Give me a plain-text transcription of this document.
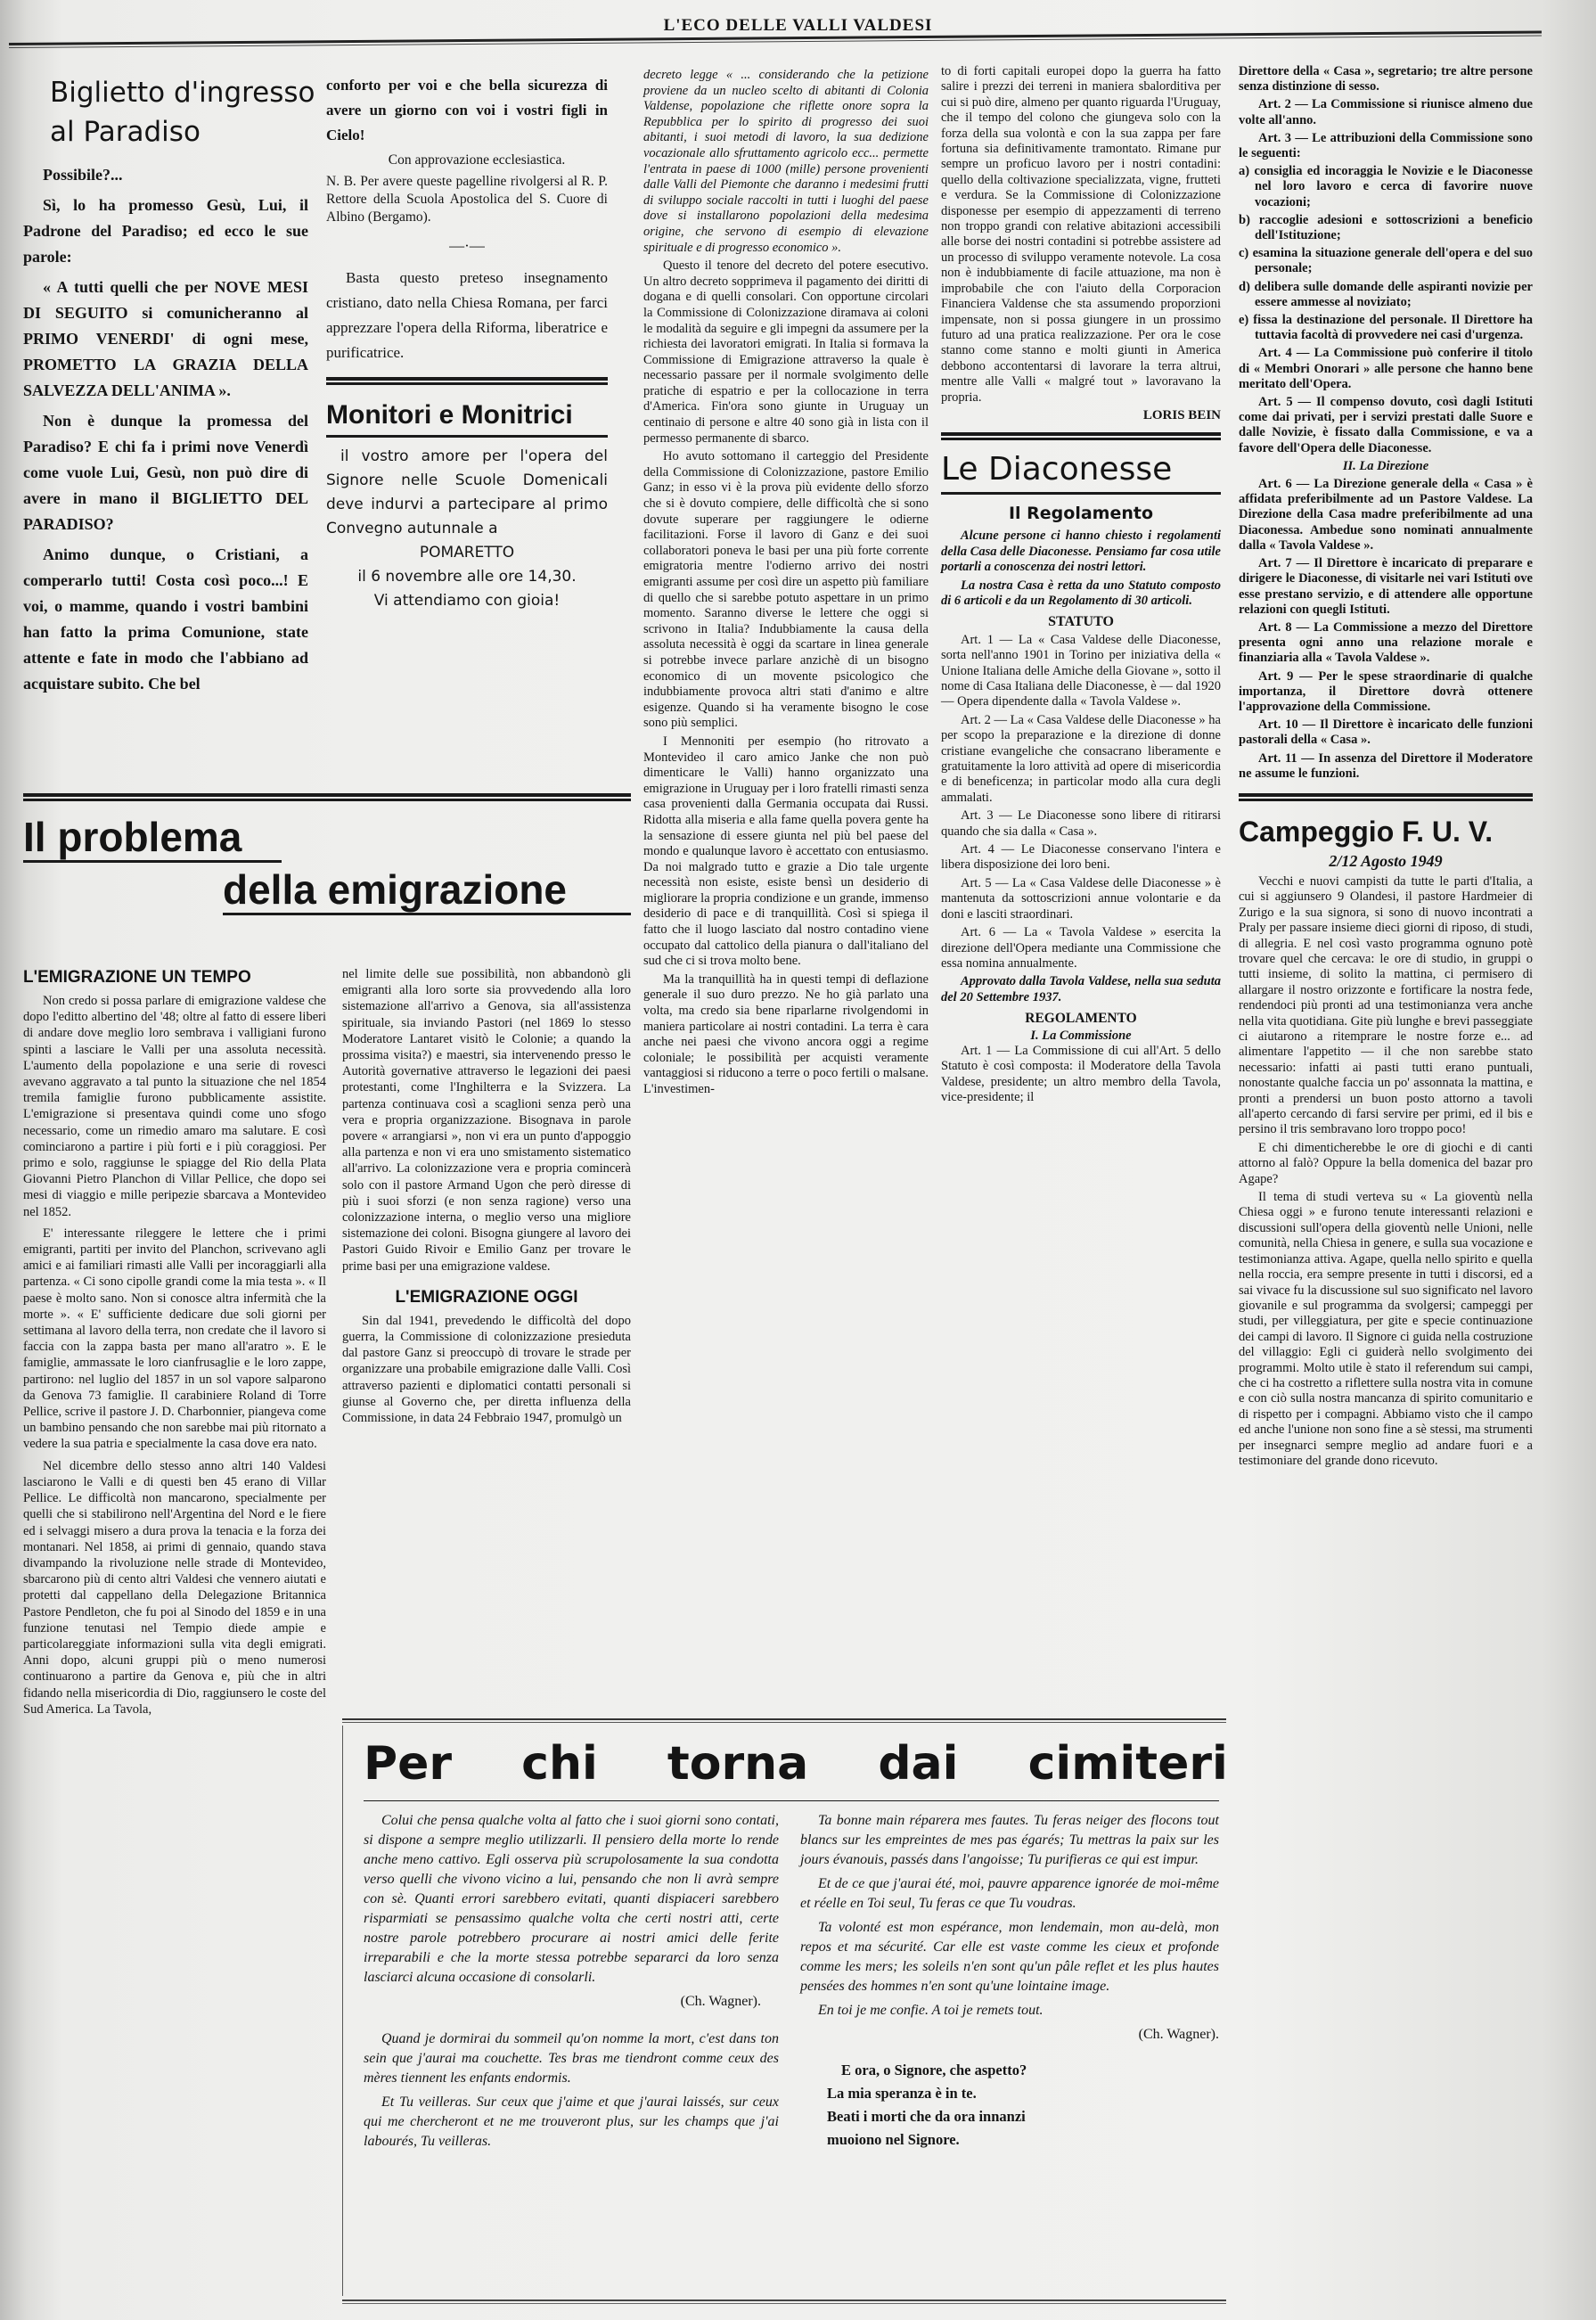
L'ECO DELLE VALLI VALDESI
Biglietto d'ingresso
al Paradiso

Possibile?...

Sì, lo ha promesso Gesù, Lui, il Padrone del Paradiso; ed ecco le sue parole:

« A tutti quelli che per NOVE MESI DI SEGUITO si comunicheranno al PRIMO VENERDI' di ogni mese, PROMETTO LA GRAZIA DELLA SALVEZZA DELL'ANIMA ».

Non è dunque la promessa del Paradiso? E chi fa i primi nove Venerdì come vuole Lui, Gesù, non può dire di avere in mano il BIGLIETTO DEL PARADISO?

Animo dunque, o Cristiani, a comperarlo tutti! Costa così poco...! E voi, o mamme, quando i vostri bambini han fatto la prima Comunione, state attente e fate in modo che l'abbiano ad acquistare subito. Che bel

conforto per voi e che bella sicurezza di avere un giorno con voi i vostri figli in Cielo!

Con approvazione ecclesiastica.

N. B. Per avere queste pagelline rivolgersi al R. P. Rettore della Scuola Apostolica del S. Cuore di Albino (Bergamo).

—·—

Basta questo preteso insegnamento cristiano, dato nella Chiesa Romana, per farci apprezzare l'opera della Riforma, liberatrice e purificatrice.

Monitori e Monitrici
il vostro amore per l'opera del Signore nelle Scuole Domenicali deve indurvi a partecipare al primo Convegno autunnale a
POMARETTO
il 6 novembre alle ore 14,30.
Vi attendiamo con gioia!
Il problema
della emigrazione
L'EMIGRAZIONE UN TEMPO

Non credo si possa parlare di emigrazione valdese che dopo l'editto albertino del '48; oltre al fatto di essere liberi di andare dove meglio loro sembrava i valligiani furono spinti a lasciare le Valli per una assoluta necessità. L'aumento della popolazione e una serie di rovesci avevano aggravato a tal punto la situazione che nel 1854 tremila famiglie furono pubblicamente assistite. L'emigrazione si presentava quindi come uno sfogo necessario, come un rimedio amaro ma salutare. E così cominciarono a partire i più forti e i più coraggiosi. Per primo e solo, raggiunse le spiagge del Rio della Plata Giovanni Pietro Planchon di Villar Pellice, che dopo sei mesi di viaggio e mille peripezie sbarcava a Montevideo nel 1852.

E' interessante rileggere le lettere che i primi emigranti, partiti per invito del Planchon, scrivevano agli amici e ai familiari rimasti alle Valli per incoraggiarli alla partenza. « Ci sono cipolle grandi come la mia testa ». « Il paese è molto sano. Non si conosce altra infermità che la morte ». « E' sufficiente dedicare due soli giorni per settimana al lavoro della terra, non credate che il lavoro si faccia con la zappa basta per mano all'aratro ». E le famiglie, ammassate le loro cianfrusaglie e le loro zappe, partirono: nel luglio del 1857 in un sol vapore salparono da Genova 73 famiglie. Il carabiniere Roland di Torre Pellice, scrive il pastore J. D. Charbonnier, piangeva come un bambino pensando che non sarebbe mai più ritornato a vedere la sua patria e specialmente la casa dove era nato.

Nel dicembre dello stesso anno altri 140 Valdesi lasciarono le Valli e di questi ben 45 erano di Villar Pellice. Le difficoltà non mancarono, specialmente per quelli che si stabilirono nell'Argentina del Nord e le fiere ed i selvaggi misero a dura prova la tenacia e la forza dei montanari. Nel 1858, ai primi di gennaio, quando stava divampando la rivoluzione nelle strade di Montevideo, sbarcarono più di cento altri Valdesi che vennero aiutati e protetti dal cappellano della Delegazione Britannica Pastore Pendleton, che fu poi al Sinodo del 1859 e in una funzione tenutasi nel Tempio diede ampie e particolareggiate informazioni sulla vita degli emigrati. Anni dopo, alcuni gruppi più o meno numerosi continuarono a partire da Genova e, più che in altri fidando nella misericordia di Dio, raggiunsero le coste del Sud America. La Tavola,

nel limite delle sue possibilità, non abbandonò gli emigranti alla loro sorte sia provvedendo alla loro sistemazione all'arrivo a Genova, sia all'assistenza spirituale, sia inviando Pastori (nel 1869 lo stesso Moderatore Lantaret visitò le Colonie; a quando la prossima visita?) e maestri, sia intervenendo presso le Autorità governative attraverso le legazioni dei paesi protestanti, come l'Inghilterra e la Svizzera. La partenza continuava così a scaglioni senza però una vera e propria organizzazione. Bisognava in parole povere « arrangiarsi », non vi era un punto d'appoggio alla partenza e non vi era uno smistamento sistematico all'arrivo. La colonizzazione vera e propria comincerà solo con il pastore Armand Ugon che però diresse di più i suoi sforzi (e non senza ragione) verso una colonizzazione interna, o meglio verso una migliore sistemazione dei coloni. Bisogna giungere al lavoro dei Pastori Guido Rivoir e Emilio Ganz per trovare le prime basi per una emigrazione valdese.

L'EMIGRAZIONE OGGI

Sin dal 1941, prevedendo le difficoltà del dopo guerra, la Commissione di colonizzazione presieduta dal pastore Ganz si preoccupò di trovare le strade per organizzare una probabile emigrazione dalle Valli. Così attraverso pazienti e diplomatici contatti personali si giunse al Governo che, per diretta influenza della Commissione, in data 24 Febbraio 1947, promulgò un

decreto legge « ... considerando che la petizione proviene da un nucleo scelto di abitanti di Colonia Valdense, popolazione che riflette onore sopra la Repubblica per lo spirito di progresso dei suoi abitanti, i suoi metodi di lavoro, la sua dedizione vocazionale allo sfruttamento agricolo ecc... permette l'entrata in paese di 1000 (mille) persone provenienti dalle Valli del Piemonte che daranno i medesimi frutti di sviluppo sociale raccolti in tutti i luoghi del paese dove si installarono popolazioni della medesima origine, che servono di esempio di elevazione spirituale e di progresso economico ».

Questo il tenore del decreto del potere esecutivo. Un altro decreto sopprimeva il pagamento dei diritti di dogana e di quelli consolari. Con opportune circolari la Commissione di Colonizzazione diramava ai coloni le modalità da seguire e gli impegni da assumere per la richiesta dei lavoratori emigrati. In Italia si formava la Commissione di Emigrazione attraverso la quale è necessario passare per il normale svolgimento delle pratiche di espatrio e per la collocazione in terra d'America. Fin'ora sono giunte in Uruguay un centinaio di persone e altre 40 sono già in lista con il permesso permanente di sbarco.

Ho avuto sottomano il carteggio del Presidente della Commissione di Colonizzazione, pastore Emilio Ganz; in esso vi è la prova più evidente dello sforzo che si è dovuto compiere, delle difficoltà che si sono dovute superare per raggiungere le odierne facilitazioni. Forse il lavoro di Ganz e dei suoi collaboratori poneva le basi per una più forte corrente emigratoria mentre l'odierno arrivo dei nostri emigranti assume per così dire un aspetto più familiare di quello che si sarebbe potuto aspettare in un primo momento. Saranno diverse le lettere che oggi si scrivono in Italia? Indubbiamente la causa della assoluta necessità è oggi da scartare in linea generale si potrebbe invece parlare anzichè di un bisogno economico di un movente psicologico che indubbiamente provoca altri stati d'animo e altre esigenze. Quando si ha veramente bisogno le cose sono più semplici.

I Mennoniti per esempio (ho ritrovato a Montevideo il caro amico Janke che non può dimenticare le Valli) hanno organizzato una emigrazione in Uruguay per i loro fratelli rimasti senza casa provenienti dalla Germania occupata dai Russi. Ridotta alla miseria e alla fame quella povera gente ha la sensazione di essere giunta nel più bel paese del mondo e qualunque lavoro è accettato con entusiasmo. Da noi malgrado tutto e grazie a Dio tale urgente necessità non esiste, esiste bensì un desiderio di migliorare la propria condizione e un grande, immenso desiderio di pace e di tranquillità. Così si spiega il fatto che il luogo lasciato dal nostro contadino viene occupato dal cattolico della pianura o dall'italiano del sud che ci si trova molto bene.

Ma la tranquillità ha in questi tempi di deflazione generale il suo duro prezzo. Ne ho già parlato una volta, ma credo sia bene riparlarne rivolgendomi in maniera particolare ai nostri contadini. La terra è cara anche nei paesi che vivono ancora oggi a regime coloniale; le possibilità per acquisti veramente vantaggiosi si riducono a terre o poco fertili o malsane. L'investimen-

to di forti capitali europei dopo la guerra ha fatto salire i prezzi dei terreni in maniera sbalorditiva per cui si può dire, almeno per quanto riguarda l'Uruguay, che il tempo del colono che giungeva solo con la forza della sua volontà e con la sua zappa per fare fortuna sia definitivamente tramontato. Rimane pur sempre un proficuo lavoro per i nostri contadini: quello della coltivazione specializzata, vigne, frutteti e verdura. Se la Commissione di Colonizzazione disponesse per esempio di appezzamenti di terreno non troppo grandi con relative abitazioni accessibili alle borse dei nostri contadini si potrebbe assistere ad un processo di sviluppo veramente notevole. La cosa non è indubbiamente di facile attuazione, ma non è improbabile che con l'aiuto della Corporacion Financiera Valdense che sta assumendo proporzioni impensate, non si possa giungere in un prossimo futuro ad una pratica realizzazione. Per ora le cose stanno come stanno e molti giunti in America debbono accontentarsi di lavorare la terra altrui, mentre alle Valli « malgré tout » lavoravano la propria.

LORIS BEIN
Le Diaconesse
Il Regolamento

Alcune persone ci hanno chiesto i regolamenti della Casa delle Diaconesse. Pensiamo far cosa utile portarli a conoscenza dei nostri lettori.

La nostra Casa è retta da uno Statuto composto di 6 articoli e da un Regolamento di 30 articoli.

STATUTO

Art. 1 — La « Casa Valdese delle Diaconesse, sorta nell'anno 1901 in Torino per iniziativa della « Unione Italiana delle Amiche della Giovane », sotto il nome di Casa Italiana delle Diaconesse, è — dal 1920 — Opera dipendente dalla « Tavola Valdese ».

Art. 2 — La « Casa Valdese delle Diaconesse » ha per scopo la preparazione e la direzione di donne cristiane evangeliche che consacrano liberamente e gratuitamente la loro attività ad opere di misericordia e di beneficenza; in particolar modo alla cura degli ammalati.

Art. 3 — Le Diaconesse sono libere di ritirarsi quando che sia dalla « Casa ».

Art. 4 — Le Diaconesse conservano l'intera e libera disposizione dei loro beni.

Art. 5 — La « Casa Valdese delle Diaconesse » è mantenuta da sottoscrizioni annue volontarie e da doni e lasciti straordinari.

Art. 6 — La « Tavola Valdese » esercita la direzione dell'Opera mediante una Commissione che essa nomina annualmente.

Approvato dalla Tavola Valdese, nella sua seduta del 20 Settembre 1937.

REGOLAMENTO
I. La Commissione

Art. 1 — La Commissione di cui all'Art. 5 dello Statuto è così composta: il Moderatore della Tavola Valdese, presidente; un altro membro della Tavola, vice-presidente; il

Direttore della « Casa », segretario; tre altre persone senza distinzione di sesso.

Art. 2 — La Commissione si riunisce almeno due volte all'anno.

Art. 3 — Le attribuzioni della Commissione sono le seguenti:

a) consiglia ed incoraggia le Novizie e le Diaconesse nel loro lavoro e cerca di favorire nuove vocazioni;

b) raccoglie adesioni e sottoscrizioni a beneficio dell'Istituzione;

c) esamina la situazione generale dell'opera e del suo personale;

d) delibera sulle domande delle aspiranti novizie per essere ammesse al noviziato;

e) fissa la destinazione del personale. Il Direttore ha tuttavia facoltà di provvedere nei casi d'urgenza.

Art. 4 — La Commissione può conferire il titolo di « Membri Onorari » alle persone che hanno bene meritato dell'Opera.

Art. 5 — Il compenso dovuto, così dagli Istituti come dai privati, per i servizi prestati dalle Suore e dalle Novizie, è fissato dalla Commissione, e va a favore dell'Opera delle Diaconesse.

II. La Direzione

Art. 6 — La Direzione generale della « Casa » è affidata preferibilmente ad un Pastore Valdese. La Direzione della Casa madre preferibilmente ad una Diaconessa. Ambedue sono nominati annualmente dalla « Tavola Valdese ».

Art. 7 — Il Direttore è incaricato di preparare e dirigere le Diaconesse, di visitarle nei vari Istituti ove esse prestano servizio, e di attendere alle opportune relazioni con quegli Istituti.

Art. 8 — La Commissione a mezzo del Direttore presenta ogni anno una relazione morale e finanziaria alla « Tavola Valdese ».

Art. 9 — Per le spese straordinarie di qualche importanza, il Direttore dovrà ottenere l'approvazione della Commissione.

Art. 10 — Il Direttore è incaricato delle funzioni pastorali della « Casa ».

Art. 11 — In assenza del Direttore il Moderatore ne assume le funzioni.

Campeggio F. U. V.
2/12 Agosto 1949

Vecchi e nuovi campisti da tutte le parti d'Italia, a cui si aggiunsero 9 Olandesi, il pastore Hardmeier di Zurigo e la sua signora, si sono di nuovo incontrati a Praly per passare insieme dieci giorni di riposo, di studi, di allegria. E nel così vasto programma ognuno potè trovare quel che cercava: le ore di studio, in gruppi o tutti insieme, di solito la mattina, ci permisero di allargare il nostro orizzonte e fortificare la nostra fede, rendendoci più pronti ad una testimonianza vera anche nella vita quotidiana. Gite più lunghe e brevi passeggiate ci aiutarono a ritemprare le nostre forze e... ad alimentare l'appetito — il che non sarebbe stato necessario: infatti ai pasti tutti erano puntuali, nonostante qualche faccia un po' assonnata la mattina, e pronti a prendersi un buon posto attorno a tavoli all'aperto cercando di farsi servire per primi, ed il bis e persino il tris sembravano loro troppo poco!

E chi dimenticherebbe le ore di giochi e di canti attorno al falò? Oppure la bella domenica del bazar pro Agape?

Il tema di studi verteva su « La gioventù nella Chiesa oggi » e furono tenute interessanti relazioni e discussioni sull'opera della gioventù nelle Unioni, nelle comunità, nella Chiesa in genere, e sulla sua vocazione e testimonianza attiva. Agape, quella nello spirito e quella nella roccia, era sempre presente in tutti i discorsi, ed a sai vivace fu la discussione sul suo significato nel lavoro giovanile e sul programma da svolgersi; campeggi per studi, per villeggiatura, per gite e specie continuazione dei campi di lavoro. Il Signore ci guida nella costruzione del villaggio: Egli ci guiderà nello svolgimento dei programmi. Molto utile è stato il referendum sui campi, che ci ha costretto a riflettere sulla nostra vita in comune e con ciò sulla nostra mancanza di spirito comunitario e di rispetto per i compagni. Abbiamo visto che il campo ed anche l'unione non sono fine a sè stessi, ma strumenti per insegnarci sempre meglio ad andare fuori e a testimoniare del grande dono ricevuto.

Per chi torna dai cimiteri

Colui che pensa qualche volta al fatto che i suoi giorni sono contati, si dispone a sempre meglio utilizzarli. Il pensiero della morte lo rende anche meno cattivo. Egli osserva più scrupolosamente la sua condotta verso quelli che vivono vicino a lui, pensando che non li avrà sempre con sè. Quanti errori sarebbero evitati, quanti dispiaceri sarebbero risparmiati se pensassimo qualche volta che certi nostri atti, certe nostre parole potrebbero procurare ai nostri amici delle ferite irreparabili e che la morte stessa potrebbe separarci da loro senza lasciarci alcuna occasione di consolarli.

(Ch. Wagner).

Quand je dormirai du sommeil qu'on nomme la mort, c'est dans ton sein que j'aurai ma couchette. Tes bras me tiendront comme ceux des mères tiennent les enfants endormis.

Et Tu veilleras. Sur ceux que j'aime et que j'aurai laissés, sur ceux qui me chercheront et ne me trouveront plus, sur les champs que j'ai labourés, Tu veilleras.

Ta bonne main réparera mes fautes. Tu feras neiger des flocons tout blancs sur les empreintes de mes pas égarés; Tu mettras la paix sur les jours évanouis, passés dans l'angoisse; Tu purifieras ce qui est impur.

Et de ce que j'aurai été, moi, pauvre apparence ignorée de moi-même et réelle en Toi seul, Tu feras ce que Tu voudras.

Ta volonté est mon espérance, mon lendemain, mon au-delà, mon repos et ma sécurité. Car elle est vaste comme les cieux et profonde comme les mers; les soleils n'en sont qu'un pâle reflet et les plus hautes pensées des hommes n'en sont qu'une lointaine image.

En toi je me confie. A toi je remets tout.

(Ch. Wagner).
E ora, o Signore, che aspetto?
La mia speranza è in te.
Beati i morti che da ora innanzi
muoiono nel Signore.
